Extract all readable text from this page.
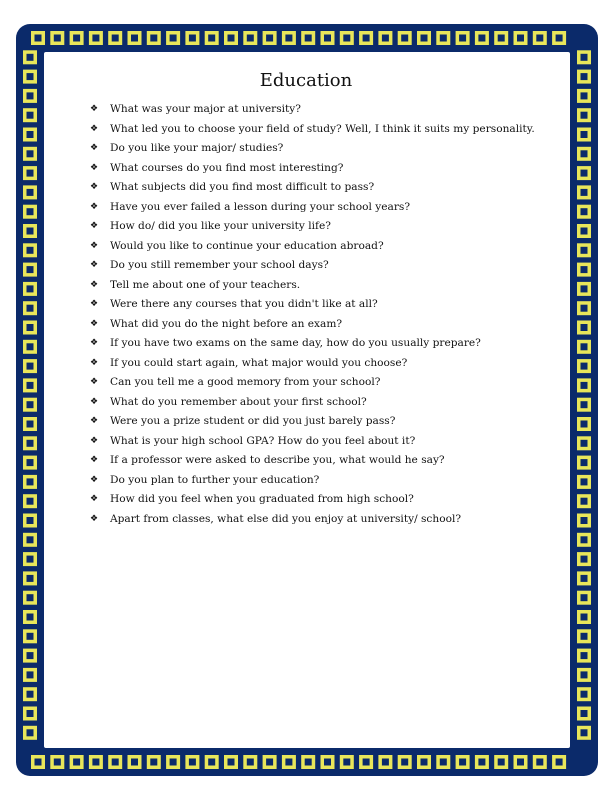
Education
❖	What was your major at university?
❖	What led you to choose your field of study? Well, I think it suits my personality.
❖	Do you like your major/ studies?
❖	What courses do you find most interesting?
❖	What subjects did you find most difficult to pass?
❖	Have you ever failed a lesson during your school years?
❖	How do/ did you like your university life?
❖	Would you like to continue your education abroad?
❖	Do you still remember your school days?
❖	Tell me about one of your teachers.
❖	Were there any courses that you didn't like at all?
❖	What did you do the night before an exam?
❖	If you have two exams on the same day, how do you usually prepare?
❖	If you could start again, what major would you choose?
❖	Can you tell me a good memory from your school?
❖	What do you remember about your first school?
❖	Were you a prize student or did you just barely pass?
❖	What is your high school GPA? How do you feel about it?
❖	If a professor were asked to describe you, what would he say?
❖	Do you plan to further your education?
❖	How did you feel when you graduated from high school?
❖	Apart from classes, what else did you enjoy at university/ school?
